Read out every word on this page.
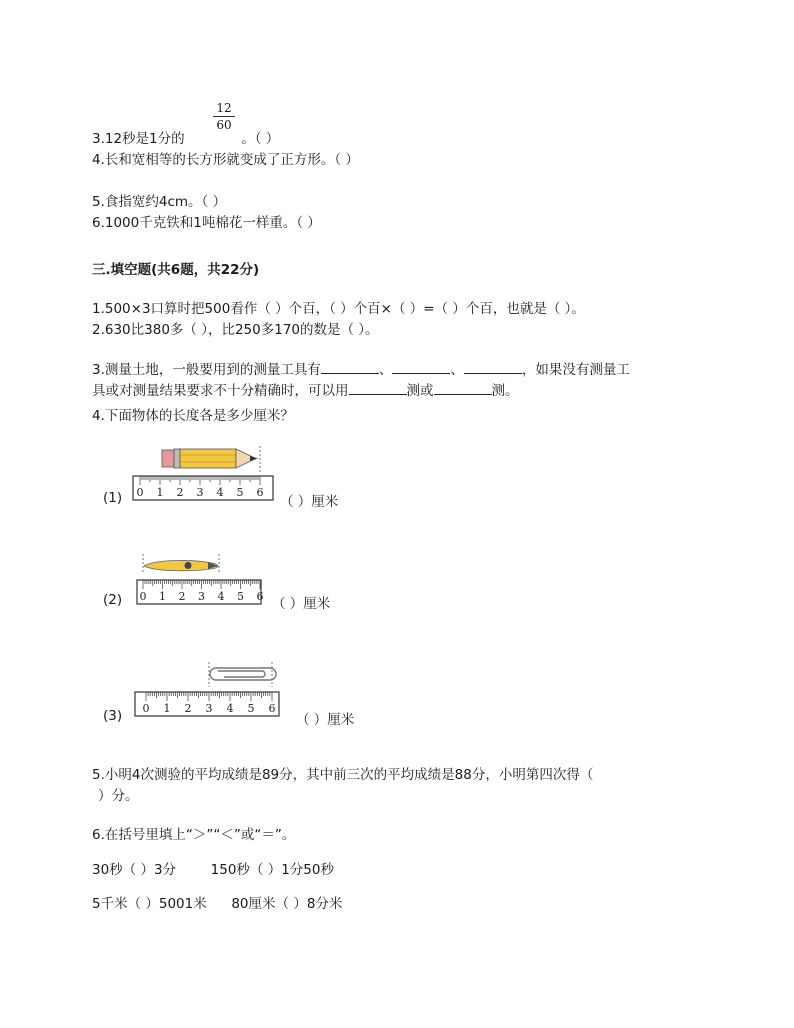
12
60
3.12秒是1分的	。（ ）
4.长和宽相等的长方形就变成了正方形。（ ）
5.食指宽约4cm。（ ）
6.1000千克铁和1吨棉花一样重。（ ）
三.填空题(共6题，共22分)
1.500×3口算时把500看作（ ）个百，（ ）个百×（ ）=（ ）个百，也就是（ ）。
2.630比380多（ ），比250多170的数是（ ）。
3.测量土地，一般要用到的测量工具有	、	、	，如果没有测量工
具或对测量结果要求不十分精确时，可以用	测或	测。
4.下面物体的长度各是多少厘米？
(1) 0 1 2 3 4 5 6
（ ）厘米
(2) 0 1 2 3 4 5 6 （ ）厘米
(3) 0 1 2 3 4 5 6
（ ）厘米
5.小明4次测验的平均成绩是89分，其中前三次的平均成绩是88分，小明第四次得（
）分。
6.在括号里填上“＞”“＜”或“＝”。
30秒（ ）3分	150秒（ ）1分50秒
5千米（ ）5001米 80厘米（ ）8分米
